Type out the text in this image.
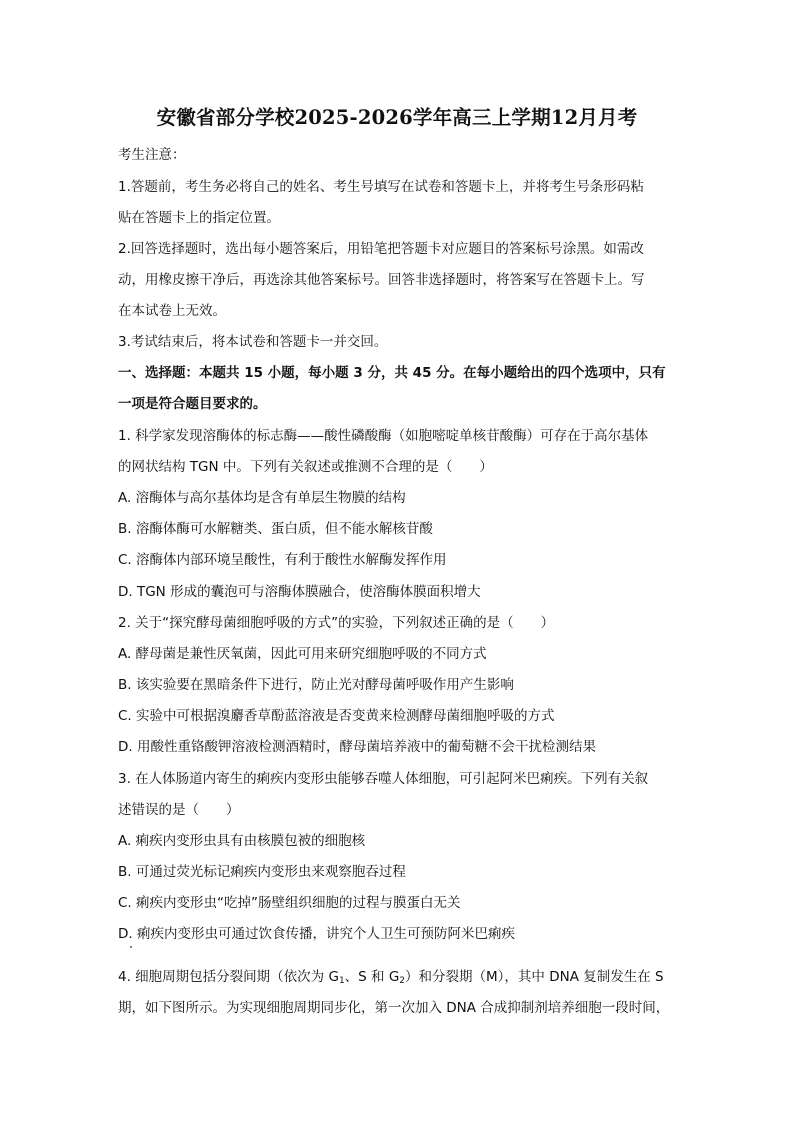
安徽省部分学校2025-2026学年高三上学期12月月考
考生注意：
1.答题前，考生务必将自己的姓名、考生号填写在试卷和答题卡上，并将考生号条形码粘
贴在答题卡上的指定位置。
2.回答选择题时，选出每小题答案后，用铅笔把答题卡对应题目的答案标号涂黑。如需改
动，用橡皮擦干净后，再选涂其他答案标号。回答非选择题时，将答案写在答题卡上。写
在本试卷上无效。
3.考试结束后，将本试卷和答题卡一并交回。
一、选择题：本题共 15 小题，每小题 3 分，共 45 分。在每小题给出的四个选项中，只有
一项是符合题目要求的。
1. 科学家发现溶酶体的标志酶——酸性磷酸酶（如胞嘧啶单核苷酸酶）可存在于高尔基体
的网状结构 TGN 中。下列有关叙述或推测不合理的是（　　）
A. 溶酶体与高尔基体均是含有单层生物膜的结构
B. 溶酶体酶可水解糖类、蛋白质，但不能水解核苷酸
C. 溶酶体内部环境呈酸性，有利于酸性水解酶发挥作用
D. TGN 形成的囊泡可与溶酶体膜融合，使溶酶体膜面积增大
2. 关于“探究酵母菌细胞呼吸的方式”的实验，下列叙述正确的是（　　）
A. 酵母菌是兼性厌氧菌，因此可用来研究细胞呼吸的不同方式
B. 该实验要在黑暗条件下进行，防止光对酵母菌呼吸作用产生影响
C. 实验中可根据溴麝香草酚蓝溶液是否变黄来检测酵母菌细胞呼吸的方式
D. 用酸性重铬酸钾溶液检测酒精时，酵母菌培养液中的葡萄糖不会干扰检测结果
3. 在人体肠道内寄生的痢疾内变形虫能够吞噬人体细胞，可引起阿米巴痢疾。下列有关叙
述错误的是（　　）
A. 痢疾内变形虫具有由核膜包被的细胞核
B. 可通过荧光标记痢疾内变形虫来观察胞吞过程
C. 痢疾内变形虫“吃掉”肠壁组织细胞的过程与膜蛋白无关
D. 痢疾内变形虫可通过饮食传播，讲究个人卫生可预防阿米巴痢疾
4. 细胞周期包括分裂间期（依次为 $G_1$、S 和 $G_2$）和分裂期（M），其中 DNA 复制发生在 S
期，如下图所示。为实现细胞周期同步化，第一次加入 DNA 合成抑制剂培养细胞一段时间，
